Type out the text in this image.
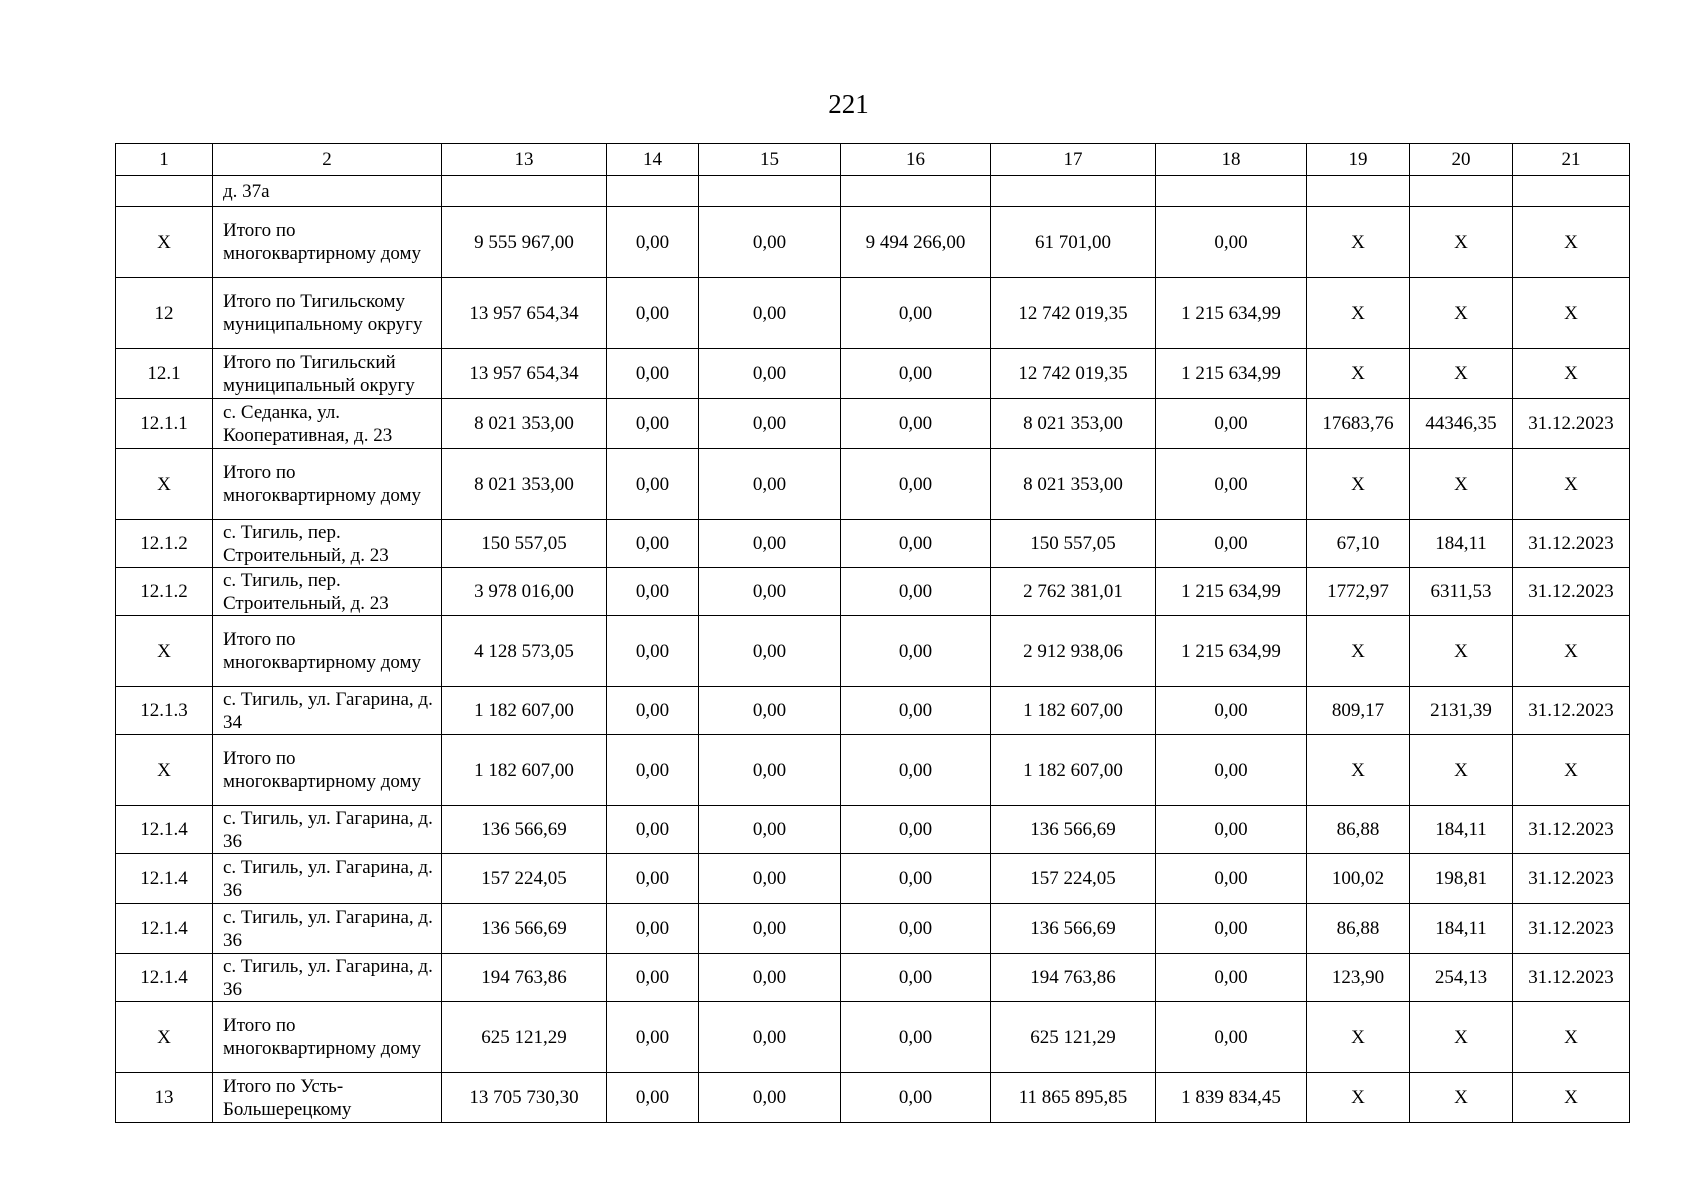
221
1	2	13	14	15	16	17	18	19	20	21
	д. 37а									
Х	Итого по многоквартирному дому	9 555 967,00	0,00	0,00	9 494 266,00	61 701,00	0,00	Х	Х	Х
12	Итого по Тигильскому муниципальному округу	13 957 654,34	0,00	0,00	0,00	12 742 019,35	1 215 634,99	Х	Х	Х
12.1	Итого по Тигильский муниципальный округу	13 957 654,34	0,00	0,00	0,00	12 742 019,35	1 215 634,99	Х	Х	Х
12.1.1	с. Седанка, ул. Кооперативная, д. 23	8 021 353,00	0,00	0,00	0,00	8 021 353,00	0,00	17683,76	44346,35	31.12.2023
Х	Итого по многоквартирному дому	8 021 353,00	0,00	0,00	0,00	8 021 353,00	0,00	Х	Х	Х
12.1.2	с. Тигиль, пер. Строительный, д. 23	150 557,05	0,00	0,00	0,00	150 557,05	0,00	67,10	184,11	31.12.2023
12.1.2	с. Тигиль, пер. Строительный, д. 23	3 978 016,00	0,00	0,00	0,00	2 762 381,01	1 215 634,99	1772,97	6311,53	31.12.2023
Х	Итого по многоквартирному дому	4 128 573,05	0,00	0,00	0,00	2 912 938,06	1 215 634,99	Х	Х	Х
12.1.3	с. Тигиль, ул. Гагарина, д. 34	1 182 607,00	0,00	0,00	0,00	1 182 607,00	0,00	809,17	2131,39	31.12.2023
Х	Итого по многоквартирному дому	1 182 607,00	0,00	0,00	0,00	1 182 607,00	0,00	Х	Х	Х
12.1.4	с. Тигиль, ул. Гагарина, д. 36	136 566,69	0,00	0,00	0,00	136 566,69	0,00	86,88	184,11	31.12.2023
12.1.4	с. Тигиль, ул. Гагарина, д. 36	157 224,05	0,00	0,00	0,00	157 224,05	0,00	100,02	198,81	31.12.2023
12.1.4	с. Тигиль, ул. Гагарина, д. 36	136 566,69	0,00	0,00	0,00	136 566,69	0,00	86,88	184,11	31.12.2023
12.1.4	с. Тигиль, ул. Гагарина, д. 36	194 763,86	0,00	0,00	0,00	194 763,86	0,00	123,90	254,13	31.12.2023
Х	Итого по многоквартирному дому	625 121,29	0,00	0,00	0,00	625 121,29	0,00	Х	Х	Х
13	Итого по Усть-Большерецкому	13 705 730,30	0,00	0,00	0,00	11 865 895,85	1 839 834,45	Х	Х	Х
